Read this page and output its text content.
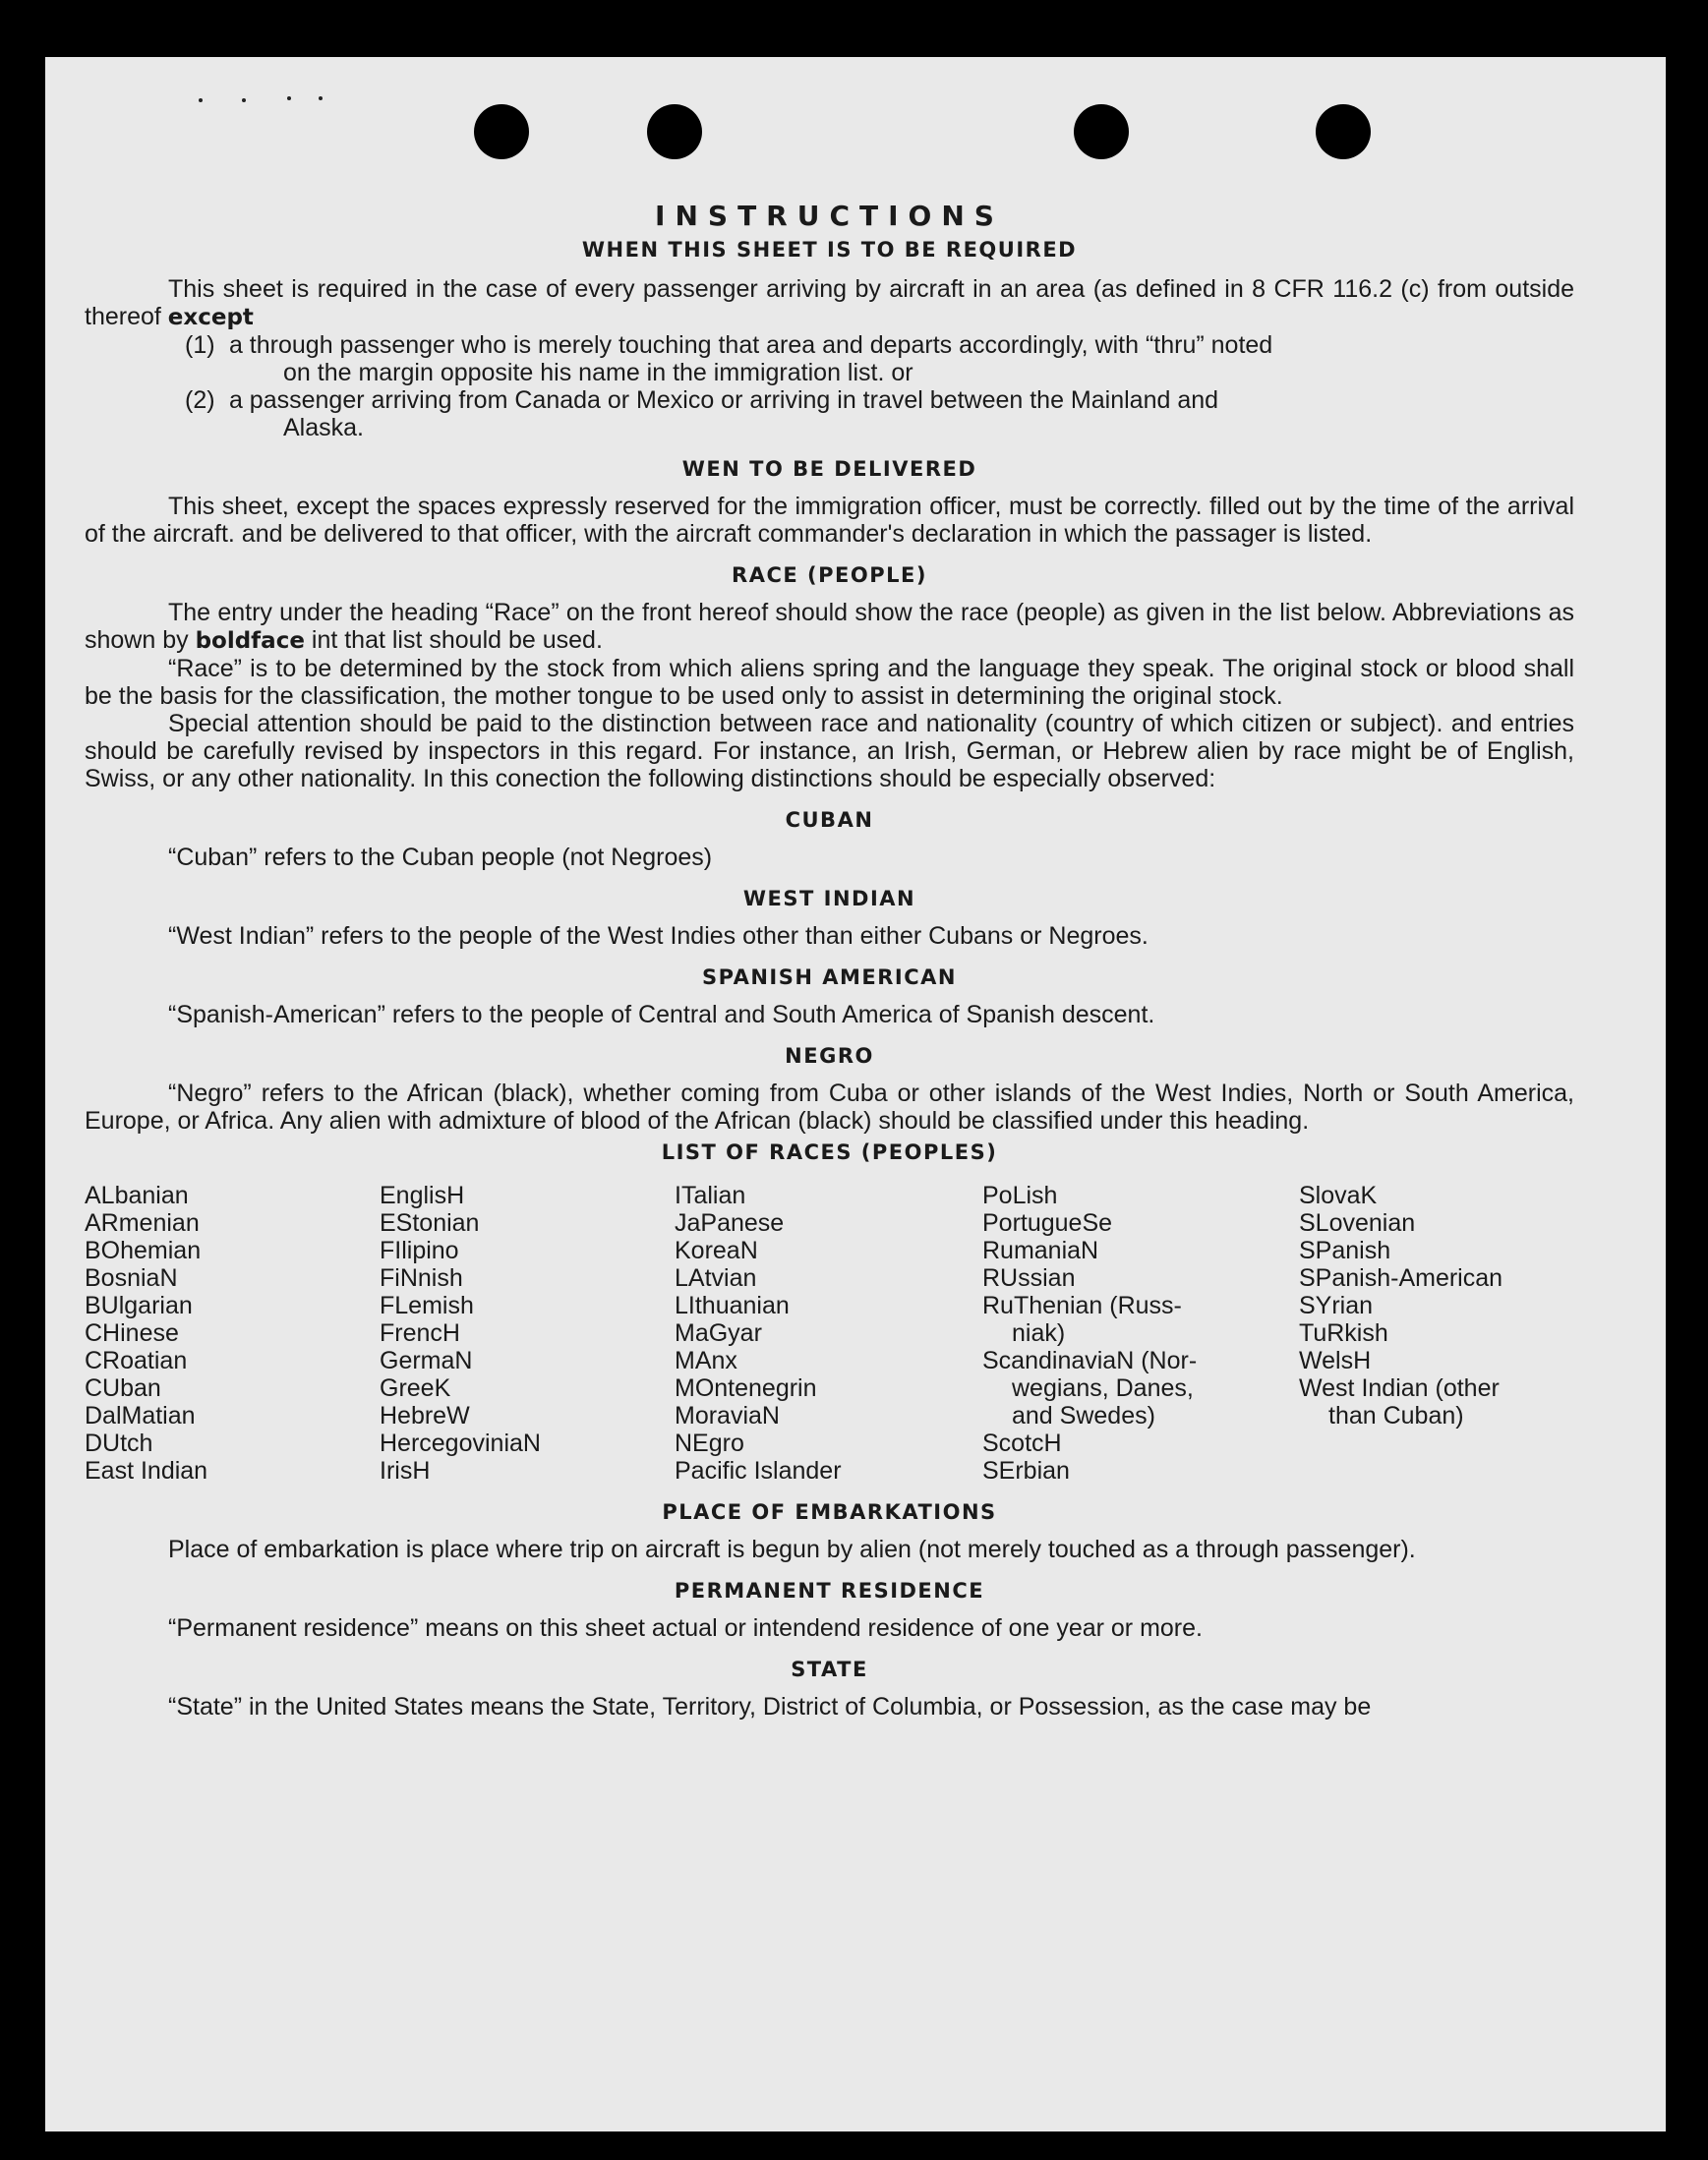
INSTRUCTIONS
WHEN THIS SHEET IS TO BE REQUIRED

This sheet is required in the case of every passenger arriving by aircraft in an area (as defined in 8 CFR 116.2 (c) from outside thereof except

(1) a through passenger who is merely touching that area and departs accordingly, with “thru” noted
on the margin opposite his name in the immigration list. or
(2) a passenger arriving from Canada or Mexico or arriving in travel between the Mainland and
Alaska.
WEN TO BE DELIVERED

This sheet, except the spaces expressly reserved for the immigration officer, must be correctly. filled out by the time of the arrival of the aircraft. and be delivered to that officer, with the aircraft commander's declaration in which the passager is listed.

RACE (PEOPLE)

The entry under the heading “Race” on the front hereof should show the race (people) as given in the list below. Abbreviations as shown by boldface int that list should be used.

“Race” is to be determined by the stock from which aliens spring and the language they speak. The original stock or blood shall be the basis for the classification, the mother tongue to be used only to assist in determining the original stock.

Special attention should be paid to the distinction between race and nationality (country of which citizen or subject). and entries should be carefully revised by inspectors in this regard. For instance, an Irish, German, or Hebrew alien by race might be of English, Swiss, or any other nationality. In this conection the following distinctions should be especially observed:

CUBAN

“Cuban” refers to the Cuban people (not Negroes)

WEST INDIAN

“West Indian” refers to the people of the West Indies other than either Cubans or Negroes.

SPANISH AMERICAN

“Spanish-American” refers to the people of Central and South America of Spanish descent.

NEGRO

“Negro” refers to the African (black), whether coming from Cuba or other islands of the West Indies, North or South America, Europe, or Africa. Any alien with admixture of blood of the African (black) should be classified under this heading.

LIST OF RACES (PEOPLES)
ALbanian
ARmenian
BOhemian
BosniaN
BUlgarian
CHinese
CRoatian
CUban
DalMatian
DUtch
East Indian
EnglisH
EStonian
FIlipino
FiNnish
FLemish
FrencH
GermaN
GreeK
HebreW
HercegoviniaN
IrisH
ITalian
JaPanese
KoreaN
LAtvian
LIthuanian
MaGyar
MAnx
MOntenegrin
MoraviaN
NEgro
Pacific Islander
PoLish
PortugueSe
RumaniaN
RUssian
RuThenian (Russ-
niak)
ScandinaviaN (Nor-
wegians, Danes,
and Swedes)
ScotcH
SErbian
SlovaK
SLovenian
SPanish
SPanish-American
SYrian
TuRkish
WelsH
West Indian (other
than Cuban)
PLACE OF EMBARKATIONS

Place of embarkation is place where trip on aircraft is begun by alien (not merely touched as a through passenger).

PERMANENT RESIDENCE

“Permanent residence” means on this sheet actual or intendend residence of one year or more.

STATE

“State” in the United States means the State, Territory, District of Columbia, or Possession, as the case may be
